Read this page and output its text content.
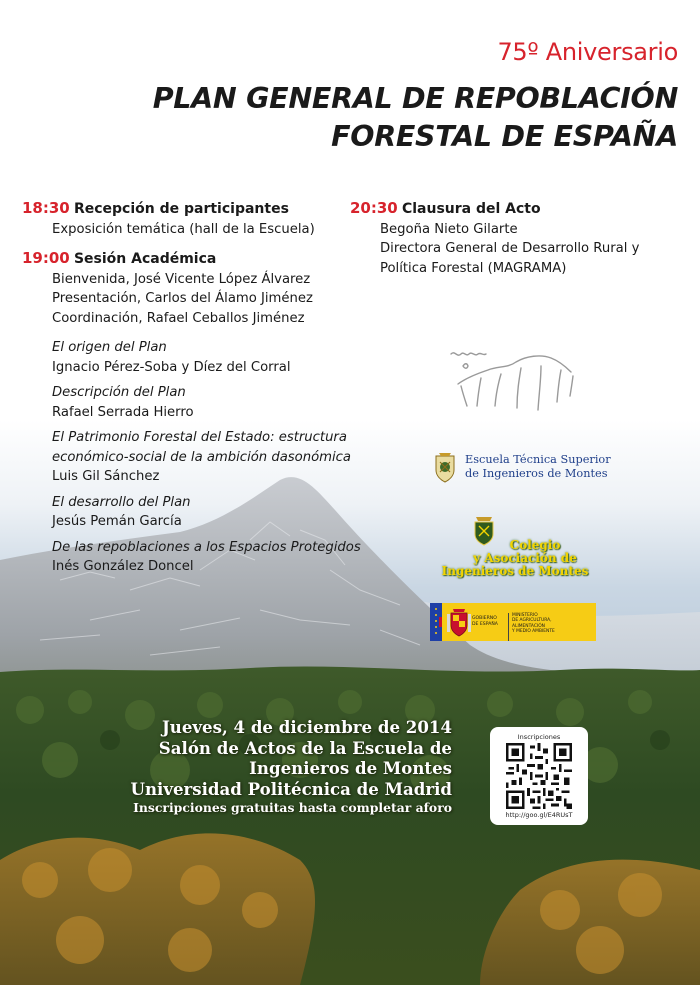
75º Aniversario
PLAN GENERAL DE REPOBLACIÓN
FORESTAL DE ESPAÑA
18:30 Recepción de participantes
Exposición temática (hall de la Escuela)
19:00 Sesión Académica
Bienvenida, José Vicente López Álvarez
Presentación, Carlos del Álamo Jiménez
Coordinación, Rafael Ceballos Jiménez
El origen del Plan
Ignacio Pérez-Soba y Díez del Corral
Descripción del Plan
Rafael Serrada Hierro
El Patrimonio Forestal del Estado: estructura
económico-social de la ambición dasonómica
Luis Gil Sánchez
El desarrollo del Plan
Jesús Pemán García
De las repoblaciones a los Espacios Protegidos
Inés González Doncel
20:30 Clausura del Acto
Begoña Nieto Gilarte
Directora General de Desarrollo Rural y
Política Forestal (MAGRAMA)
Escuela Técnica Superior
de Ingenieros de Montes
Colegio
y Asociación de
Ingenieros de Montes
GOBIERNO
DE ESPAÑA
MINISTERIO
DE AGRICULTURA, ALIMENTACIÓN
Y MEDIO AMBIENTE
Jueves, 4 de diciembre de 2014
Salón de Actos de la Escuela de
Ingenieros de Montes
Universidad Politécnica de Madrid
Inscripciones gratuitas hasta completar aforo
Inscripciones
http://goo.gl/E4RUsT
